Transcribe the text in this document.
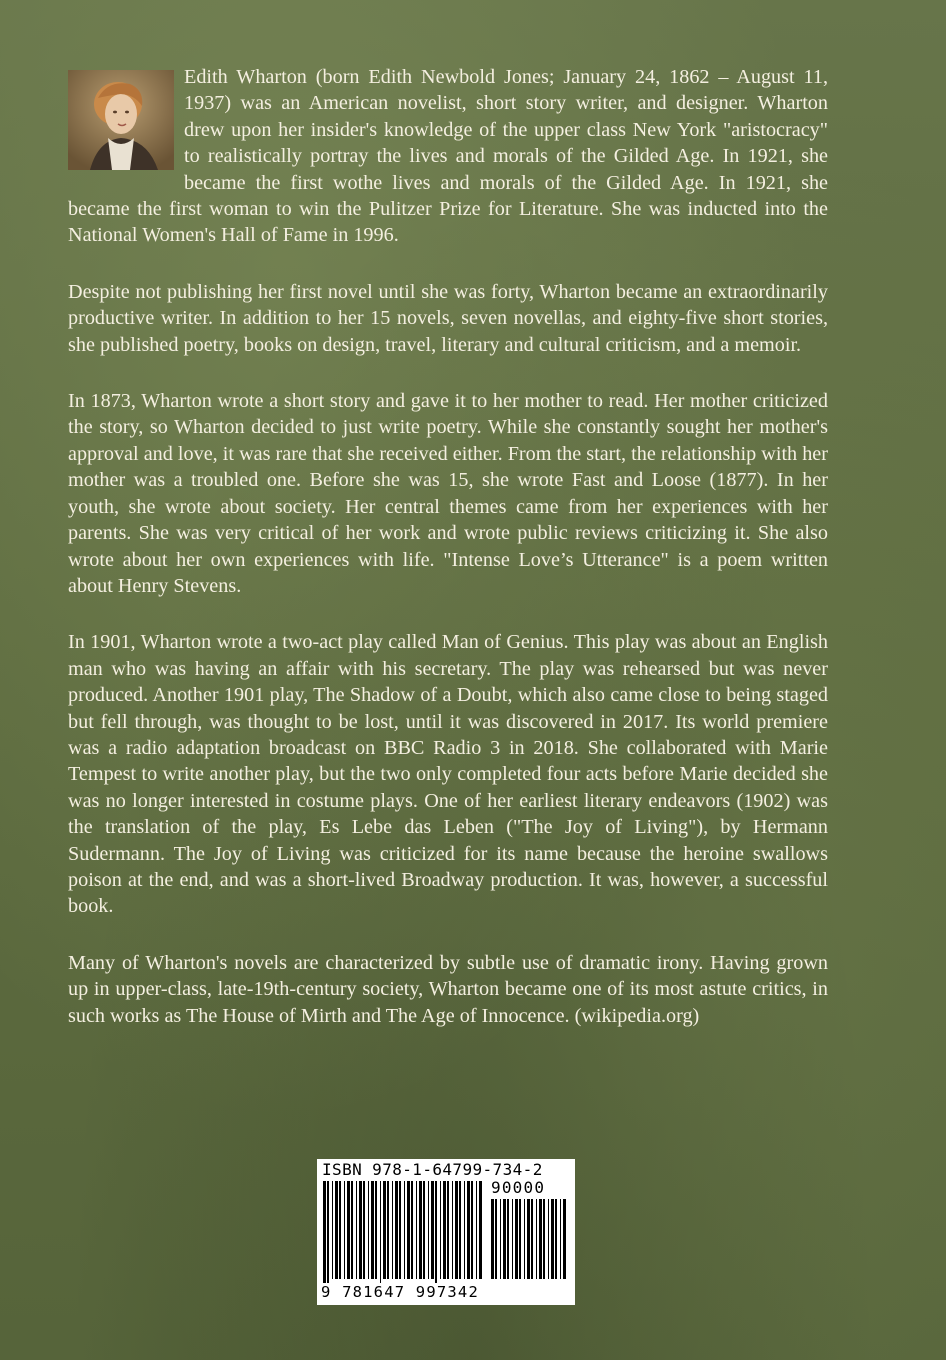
Edith Wharton (born Edith Newbold Jones; January 24, 1862 – August 11, 1937) was an American novelist, short story writer, and designer. Wharton drew upon her insider's knowledge of the upper class New York "aristocracy" to realistically portray the lives and morals of the Gilded Age. In 1921, she became the first wothe lives and morals of the Gilded Age. In 1921, she became the first woman to win the Pulitzer Prize for Literature. She was inducted into the National Women's Hall of Fame in 1996.

Despite not publishing her first novel until she was forty, Wharton became an extraordinarily productive writer. In addition to her 15 novels, seven novellas, and eighty-five short stories, she published poetry, books on design, travel, literary and cultural criticism, and a memoir.

In 1873, Wharton wrote a short story and gave it to her mother to read. Her mother criticized the story, so Wharton decided to just write poetry. While she constantly sought her mother's approval and love, it was rare that she received either. From the start, the relationship with her mother was a troubled one. Before she was 15, she wrote Fast and Loose (1877). In her youth, she wrote about society. Her central themes came from her experiences with her parents. She was very critical of her work and wrote public reviews criticizing it. She also wrote about her own experiences with life. "Intense Love’s Utterance" is a poem written about Henry Stevens.

In 1901, Wharton wrote a two-act play called Man of Genius. This play was about an English man who was having an affair with his secretary. The play was rehearsed but was never produced. Another 1901 play, The Shadow of a Doubt, which also came close to being staged but fell through, was thought to be lost, until it was discovered in 2017. Its world premiere was a radio adaptation broadcast on BBC Radio 3 in 2018. She collaborated with Marie Tempest to write another play, but the two only completed four acts before Marie decided she was no longer interested in costume plays. One of her earliest literary endeavors (1902) was the translation of the play, Es Lebe das Leben ("The Joy of Living"), by Hermann Sudermann. The Joy of Living was criticized for its name because the heroine swallows poison at the end, and was a short-lived Broadway production. It was, however, a successful book.

Many of Wharton's novels are characterized by subtle use of dramatic irony. Having grown up in upper-class, late-19th-century society, Wharton became one of its most astute critics, in such works as The House of Mirth and The Age of Innocence. (wikipedia.org)

ISBN 978-1-64799-734-2
90000
9 781647 997342
